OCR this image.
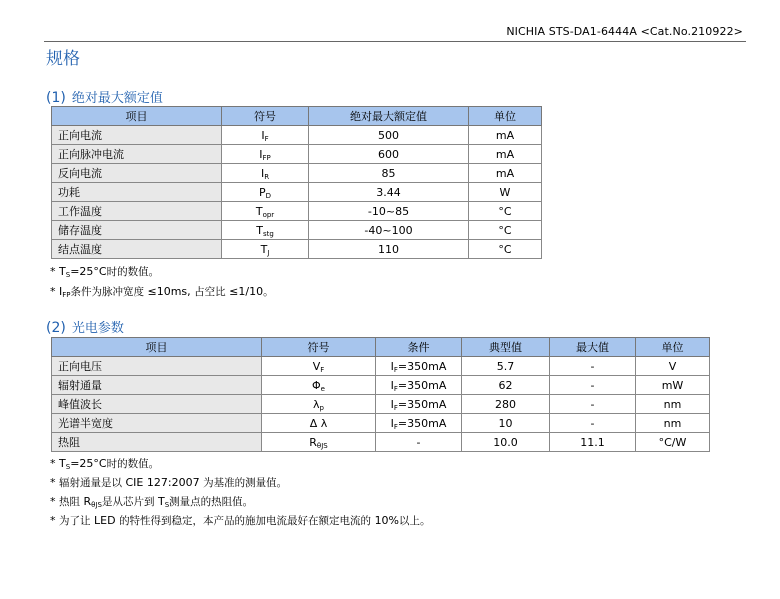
NICHIA STS-DA1-6444A <Cat.No.210922>
规格
(1) 绝对最大额定值
项目	符号	绝对最大额定值	单位
正向电流	$I_F$	500	mA
正向脉冲电流	$I_{FP}$	600	mA
反向电流	$I_R$	85	mA
功耗	$P_D$	3.44	W
工作温度	$T_{opr}$	-10~85	°C
储存温度	$T_{stg}$	-40~100	°C
结点温度	$T_J$	110	°C
* $T_S=25^\circ C$时的数值。
* $I_{FP}$条件为脉冲宽度 ≤10ms, 占空比 ≤1/10。
(2) 光电参数
项目	符号	条件	典型值	最大值	单位
正向电压	$V_F$	$I_F=350mA$	5.7	-	V
辐射通量	$\Phi_e$	$I_F=350mA$	62	-	mW
峰值波长	$\lambda_p$	$I_F=350mA$	280	-	nm
光谱半宽度	Δ λ	$I_F=350mA$	10	-	nm
热阻	$R_{\theta JS}$	-	10.0	11.1	°C/W
* $T_S=25^\circ C$时的数值。
* 辐射通量是以 CIE 127:2007 为基准的测量值。
* 热阻 $R_{\theta JS}$是从芯片到 $T_S$测量点的热阻值。
* 为了让 LED 的特性得到稳定，本产品的施加电流最好在额定电流的 10%以上。
